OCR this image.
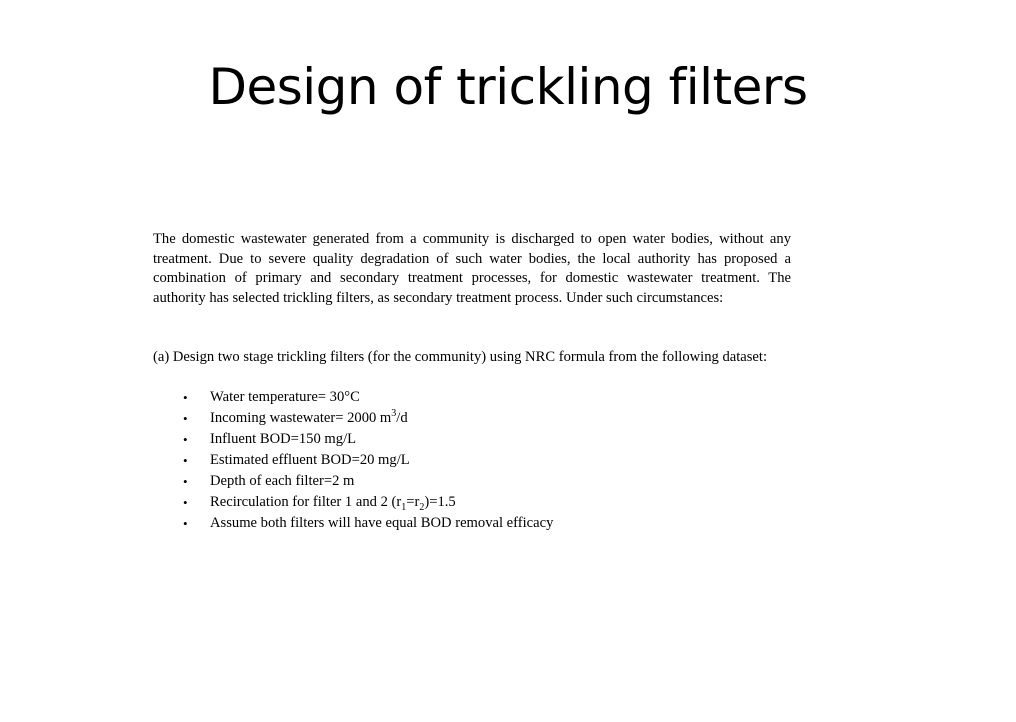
Design of trickling filters

The domestic wastewater generated from a community is discharged to open water bodies, without any treatment. Due to severe quality degradation of such water bodies, the local authority has proposed a combination of primary and secondary treatment processes, for domestic wastewater treatment. The authority has selected trickling filters, as secondary treatment process. Under such circumstances:

(a) Design two stage trickling filters (for the community) using NRC formula from the following dataset:

• Water temperature= 30°C
• Incoming wastewater= 2000 $m^3/d$
• Influent BOD=150 mg/L
• Estimated effluent BOD=20 mg/L
• Depth of each filter=2 m
• Recirculation for filter 1 and 2 $(r_1=r_2)=1.5$
• Assume both filters will have equal BOD removal efficacy
